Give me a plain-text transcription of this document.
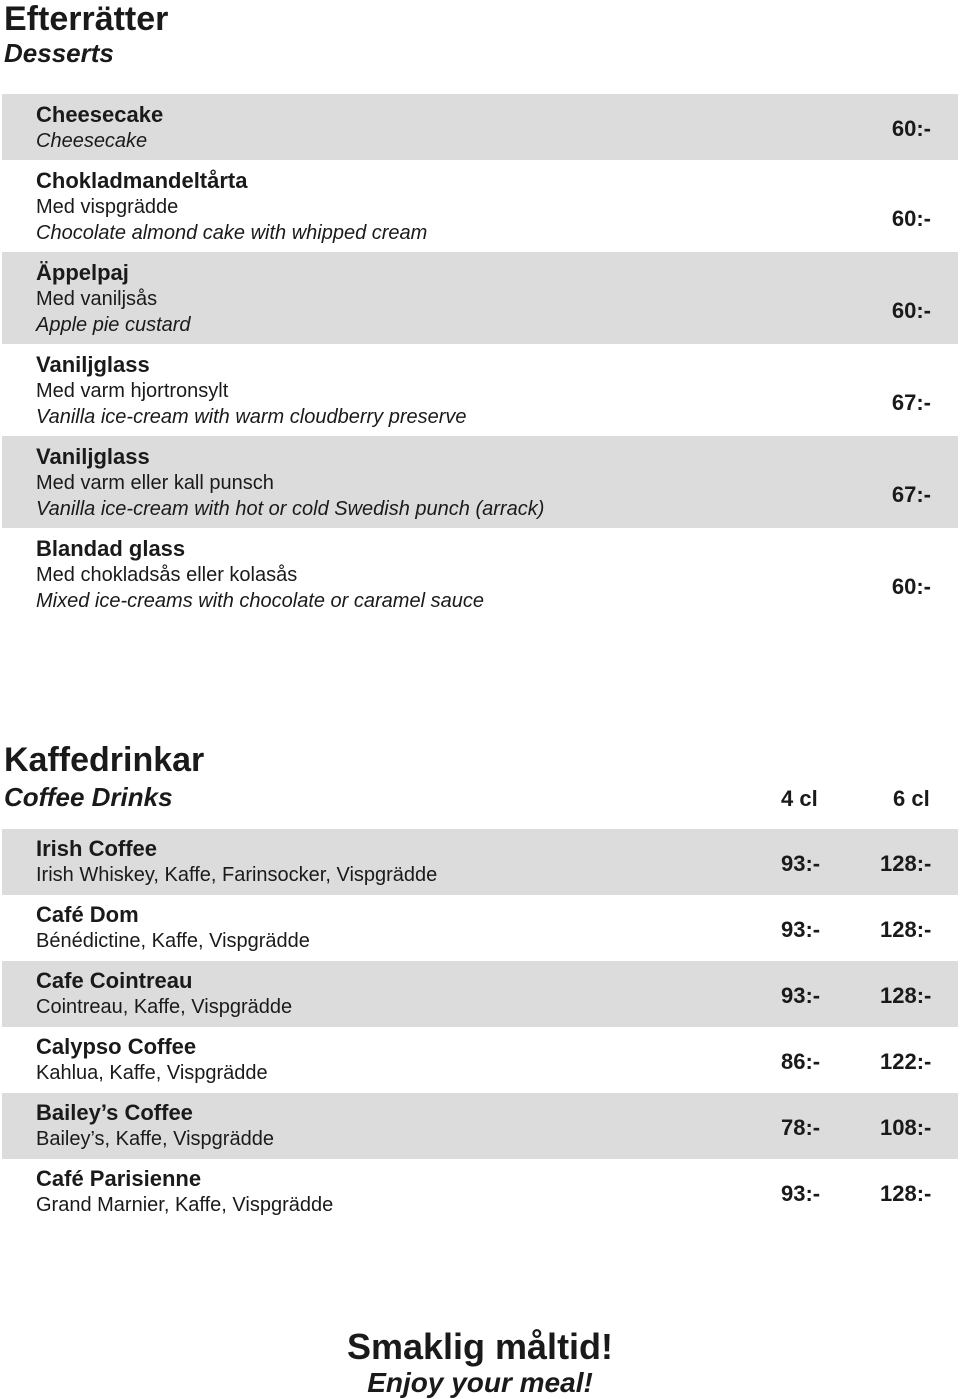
Efterrätter
Desserts
Cheesecake
Cheesecake	60:-
Chokladmandeltårta
Med vispgrädde
Chocolate almond cake with whipped cream
60:-
Äppelpaj
Med vaniljsås
Apple pie custard
60:-
Vaniljglass
Med varm hjortronsylt
Vanilla ice-cream with warm cloudberry preserve
67:-
Vaniljglass
Med varm eller kall punsch
Vanilla ice-cream with hot or cold Swedish punch (arrack)
67:-
Blandad glass
Med chokladsås eller kolasås
Mixed ice-creams with chocolate or caramel sauce
60:-
Kaffedrinkar
Coffee Drinks	4 cl	6 cl
Irish Coffee
Irish Whiskey, Kaffe, Farinsocker, Vispgrädde	93:-	128:-
Café Dom
Bénédictine, Kaffe, Vispgrädde	93:-	128:-
Cafe Cointreau
Cointreau, Kaffe, Vispgrädde	93:-	128:-
Calypso Coffee
Kahlua, Kaffe, Vispgrädde	86:-	122:-
Bailey’s Coffee
Bailey’s, Kaffe, Vispgrädde	78:-	108:-
Café Parisienne
Grand Marnier, Kaffe, Vispgrädde	93:-	128:-
Smaklig måltid!
Enjoy your meal!
